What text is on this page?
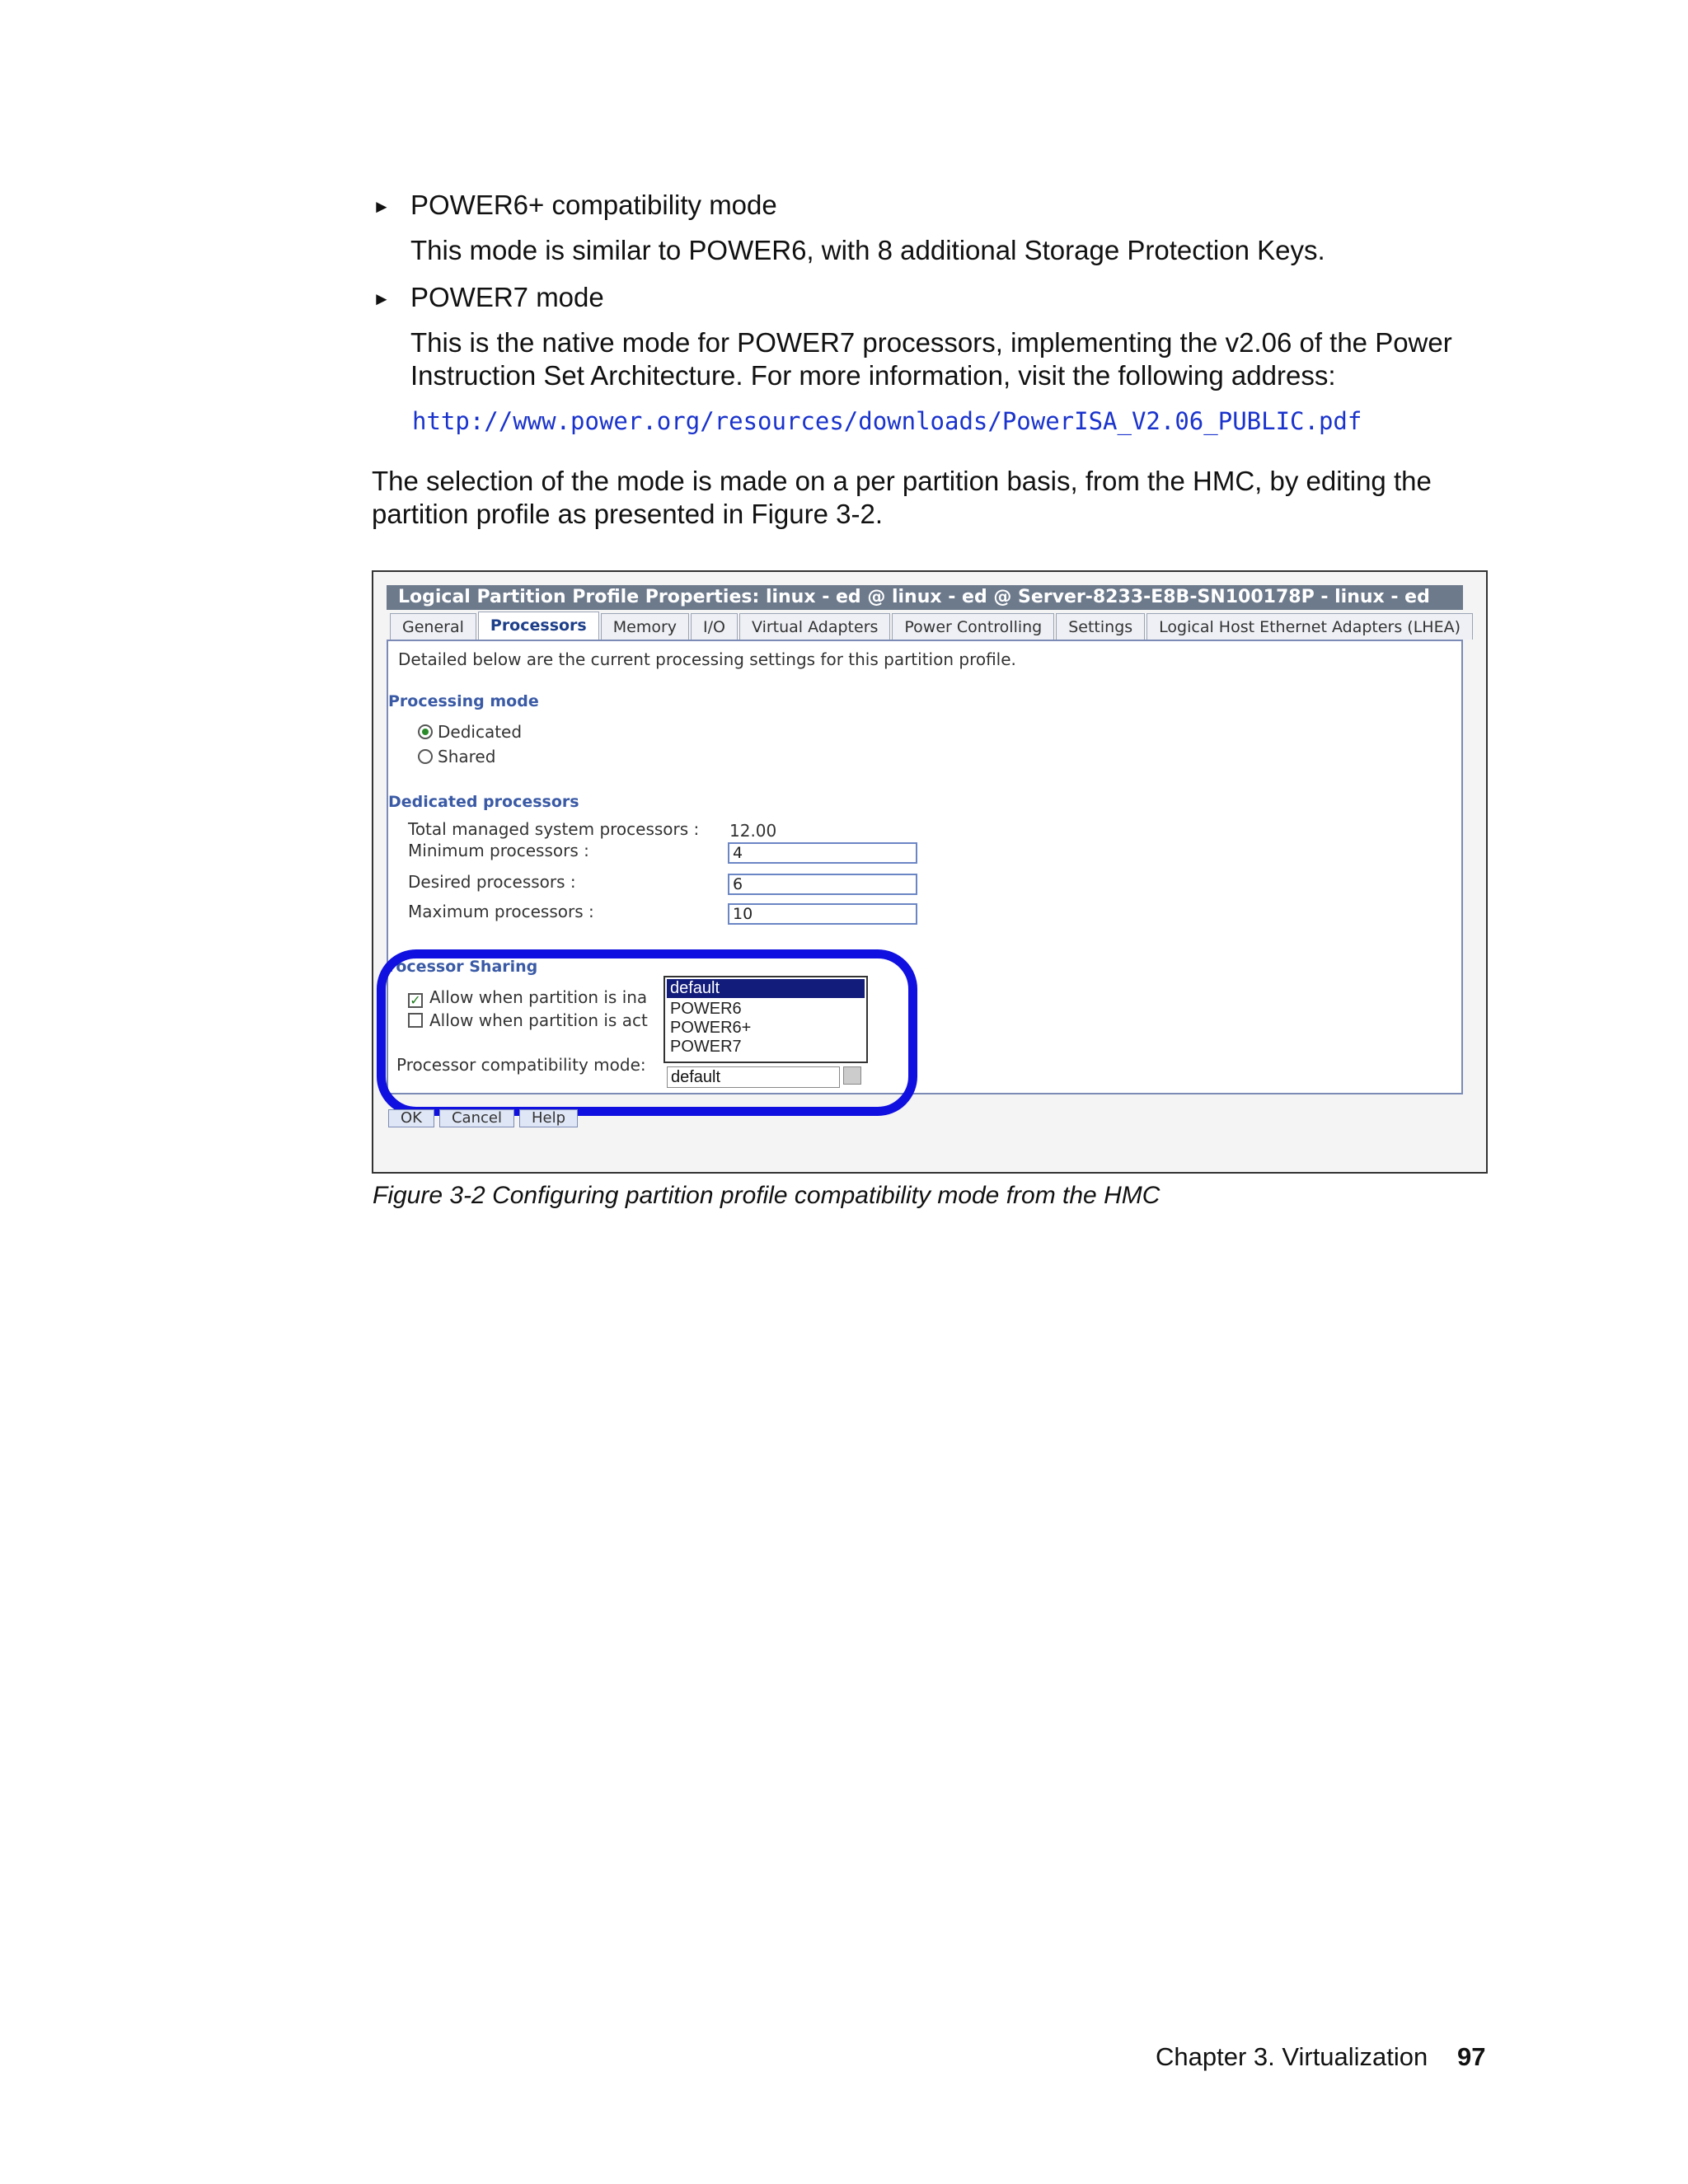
► POWER6+ compatibility mode
This mode is similar to POWER6, with 8 additional Storage Protection Keys.
► POWER7 mode
This is the native mode for POWER7 processors, implementing the v2.06 of the Power
Instruction Set Architecture. For more information, visit the following address:
http://www.power.org/resources/downloads/PowerISA_V2.06_PUBLIC.pdf
The selection of the mode is made on a per partition basis, from the HMC, by editing the
partition profile as presented in Figure 3-2.
Logical Partition Profile Properties: linux - ed @ linux - ed @ Server-8233-E8B-SN100178P - linux - ed
General	Processors	Memory	I/O	Virtual Adapters	Power Controlling	Settings	Logical Host Ethernet Adapters (LHEA)
Detailed below are the current processing settings for this partition profile.
Processing mode
Dedicated
Shared
Dedicated processors
Total managed system processors : 12.00
Minimum processors :	4
Desired processors :	6
Maximum processors :	10
rocessor Sharing
✓ Allow when partition is ina
Allow when partition is act
Processor compatibility mode:
default
POWER6
POWER6+
POWER7
default
OK	Cancel	Help
Figure 3-2 Configuring partition profile compatibility mode from the HMC
Chapter 3. Virtualization 97
